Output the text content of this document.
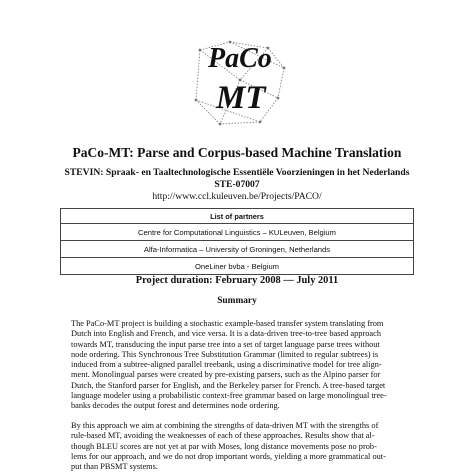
PaCo
MT
PaCo-MT: Parse and Corpus-based Machine Translation
STEVIN: Spraak- en Taaltechnologische Essentiële Voorzieningen in het Nederlands
STE-07007
http://www.ccl.kuleuven.be/Projects/PACO/
List of partners
Centre for Computational Linguistics – KULeuven, Belgium
Alfa-Informatica – University of Groningen, Netherlands
OneLiner bvba - Belgium
Project duration: February 2008 — July 2011
Summary
The PaCo-MT project is building a stochastic example-based transfer system translating from
Dutch into English and French, and vice versa. It is a data-driven tree-to-tree based approach
towards MT, transducing the input parse tree into a set of target language parse trees without
node ordering. This Synchronous Tree Substitution Grammar (limited to regular subtrees) is
induced from a subtree-aligned parallel treebank, using a discriminative model for tree align-
ment. Monolingual parses were created by pre-existing parsers, such as the Alpino parser for
Dutch, the Stanford parser for English, and the Berkeley parser for French. A tree-based target
language modeler using a probabilistic context-free grammar based on large monolingual tree-
banks decodes the output forest and determines node ordering.
By this approach we aim at combining the strengths of data-driven MT with the strengths of
rule-based MT, avoiding the weaknesses of each of these approaches. Results show that al-
though BLEU scores are not yet at par with Moses, long distance movements pose no prob-
lems for our approach, and we do not drop important words, yielding a more grammatical out-
put than PBSMT systems.
